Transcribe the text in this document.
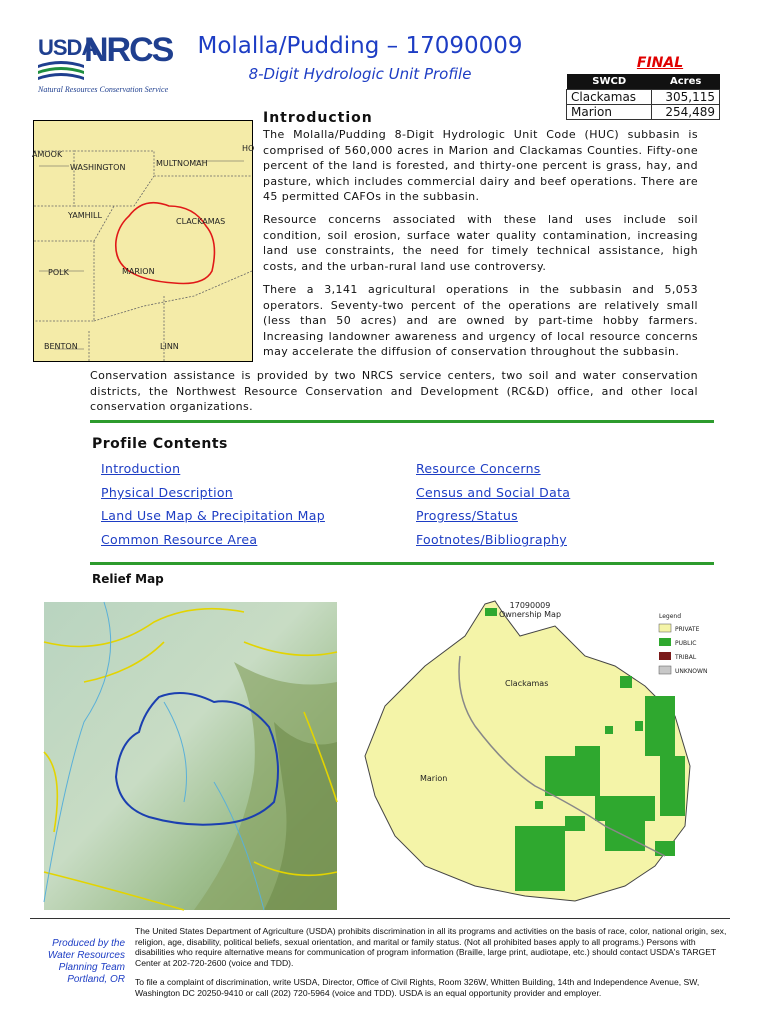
USDA
NRCS
Natural Resources Conservation Service
Molalla/Pudding – 17090009
8-Digit Hydrologic Unit Profile
FINAL
SWCD	Acres
Clackamas	305,115
Marion	254,489
AMOOK
WASHINGTON	MULTNOMAH
HO
YAMHILL
CLACKAMAS
POLK	MARION
BENTON	LINN
Introduction
The Molalla/Pudding 8-Digit Hydrologic Unit Code (HUC) subbasin is comprised of 560,000 acres in Marion and Clackamas Counties. Fifty-one percent of the land is forested, and thirty-one percent is grass, hay, and pasture, which includes commercial dairy and beef operations. There are 45 permitted CAFOs in the subbasin.
Resource concerns associated with these land uses include soil condition, soil erosion, surface water quality contamination, increasing land use constraints, the need for timely technical assistance, high costs, and the urban-rural land use controversy.
There a 3,141 agricultural operations in the subbasin and 5,053 operators. Seventy-two percent of the operations are relatively small (less than 50 acres) and are owned by part-time hobby farmers. Increasing landowner awareness and urgency of local resource concerns may accelerate the diffusion of conservation throughout the subbasin.
Conservation assistance is provided by two NRCS service centers, two soil and water conservation districts, the Northwest Resource Conservation and Development (RC&D) office, and other local conservation organizations.
Profile Contents
Introduction
Physical Description
Land Use Map & Precipitation Map
Common Resource Area
Resource Concerns
Census and Social Data
Progress/Status
Footnotes/Bibliography
Relief Map
17090009
Ownership Map
Clackamas
Marion
Legend
PRIVATE
PUBLIC
TRIBAL
UNKNOWN
Produced by the
Water Resources
Planning Team
Portland, OR
The United States Department of Agriculture (USDA) prohibits discrimination in all its programs and activities on the basis of race, color, national origin, sex, religion, age, disability, political beliefs, sexual orientation, and marital or family status. (Not all prohibited bases apply to all programs.) Persons with disabilities who require alternative means for communication of program information (Braille, large print, audiotape, etc.) should contact USDA's TARGET Center at 202-720-2600 (voice and TDD).
To file a complaint of discrimination, write USDA, Director, Office of Civil Rights, Room 326W, Whitten Building, 14th and Independence Avenue, SW, Washington DC 20250-9410 or call (202) 720-5964 (voice and TDD). USDA is an equal opportunity provider and employer.
